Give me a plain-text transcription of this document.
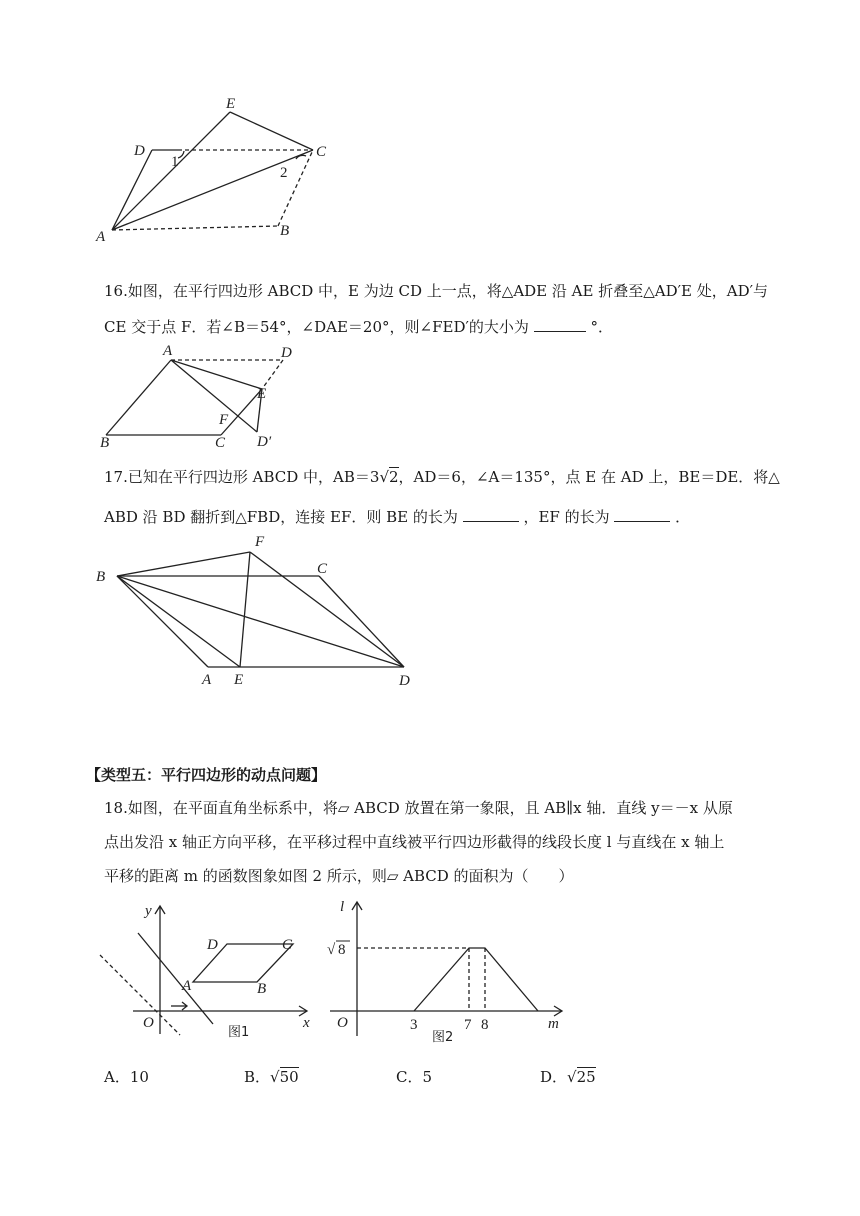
A	B
C
D
E
1
2
16.如图，在平行四边形 ABCD 中，E 为边 CD 上一点，将△ADE 沿 AE 折叠至△AD′E 处，AD′与
CE 交于点 F．若∠B＝54°，∠DAE＝20°，则∠FED′的大小为	°．
A	D
E
F
B	C D′
17.已知在平行四边形 ABCD 中，AB＝3√2，AD＝6，∠A＝135°，点 E 在 AD 上，BE＝DE．将△
ABD 沿 BD 翻折到△FBD，连接 EF．则 BE 的长为	，EF 的长为	．
B	C
F
A E	D
【类型五：平行四边形的动点问题】
18.如图，在平面直角坐标系中，将▱ ABCD 放置在第一象限，且 AB∥x 轴．直线 y＝－x 从原
点出发沿 x 轴正方向平移，在平移过程中直线被平行四边形截得的线段长度 l 与直线在 x 轴上
平移的距离 m 的函数图象如图 2 所示，则▱ ABCD 的面积为（　　）
y
x
O
D	C
A	B
图1
l
m
O
√ 8
3	7 8
图2
A．10	B．√50	C．5	D．√25
